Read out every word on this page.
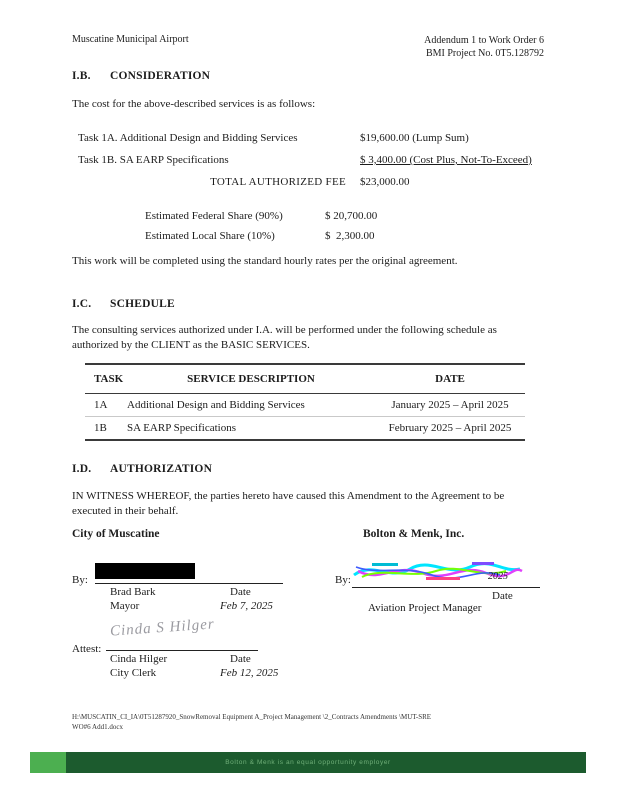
Muscatine Municipal Airport	Addendum 1 to Work Order 6
BMI Project No. 0T5.128792
I.B. CONSIDERATION
The cost for the above-described services is as follows:
Task 1A. Additional Design and Bidding Services	$19,600.00 (Lump Sum)
Task 1B. SA EARP Specifications	$ 3,400.00 (Cost Plus, Not-To-Exceed)
TOTAL AUTHORIZED FEE $23,000.00
Estimated Federal Share (90%)	$ 20,700.00
Estimated Local Share (10%)	$  2,300.00
This work will be completed using the standard hourly rates per the original agreement.
I.C. SCHEDULE
The consulting services authorized under I.A. will be performed under the following schedule as authorized by the CLIENT as the BASIC SERVICES.
TASK	SERVICE DESCRIPTION	DATE
1A	Additional Design and Bidding Services	January 2025 – April 2025
1B	SA EARP Specifications	February 2025 – April 2025
I.D. AUTHORIZATION
IN WITNESS WHEREOF, the parties hereto have caused this Amendment to the Agreement to be executed in their behalf.
City of Muscatine	Bolton & Menk, Inc.
By:
Brad Bark	Date
Mayor	Feb 7, 2025
By:	2025
Date
Aviation Project Manager
Cinda S Hilger
Attest:
Cinda Hilger	Date
City Clerk	Feb 12, 2025
H:\MUSCATIN_CI_IA\0T51287920_SnowRemoval Equipment A_Project Management \2_Contracts Amendments \MUT-SRE
WO#6 Add1.docx
Bolton & Menk is an equal opportunity employer
